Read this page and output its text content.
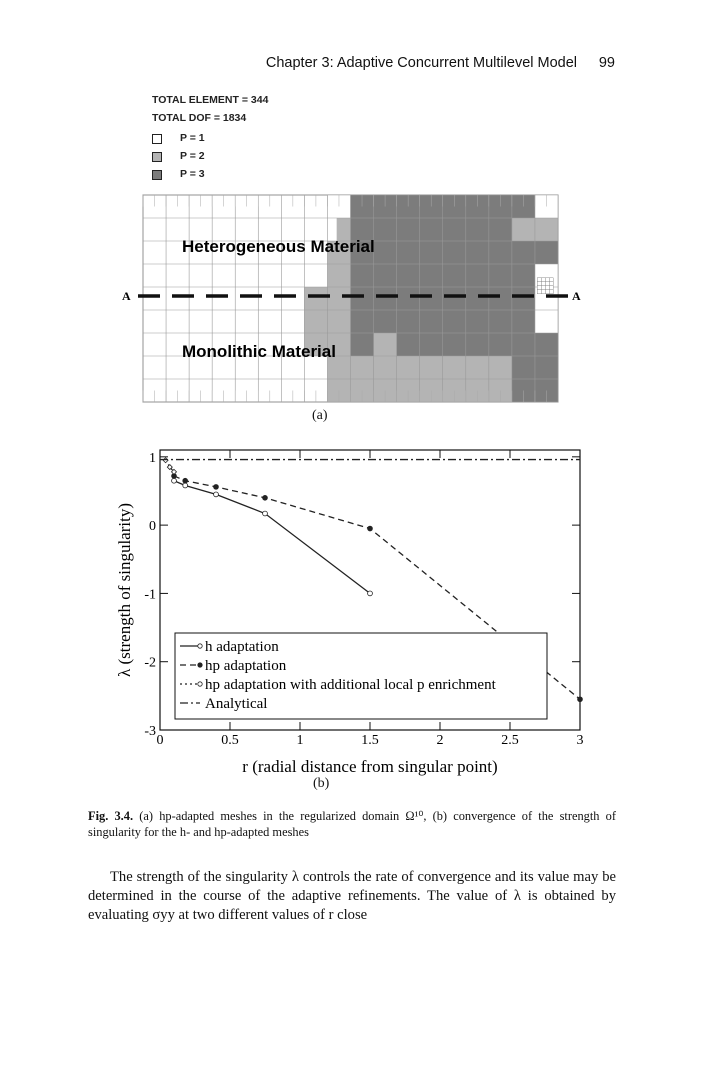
Chapter 3: Adaptive Concurrent Multilevel Model 99
TOTAL ELEMENT = 344
TOTAL DOF = 1834
P = 1
P = 2
P = 3
A	A
Heterogeneous Material
Monolithic Material
(a)
0	0.5	1	1.5	2	2.5	3
-3
-2
-1
0
1
h adaptation
hp adaptation
hp adaptation with additional local p enrichment
Analytical
r (radial distance from singular point)
λ (strength of singularity)
(b)
Fig. 3.4. (a) hp-adapted meshes in the regularized domain Ω¹⁰, (b) convergence of the strength of singularity for the h- and hp-adapted meshes
The strength of the singularity λ controls the rate of convergence and its value may be determined in the course of the adaptive refinements. The value of λ is obtained by evaluating σyy at two different values of r close
